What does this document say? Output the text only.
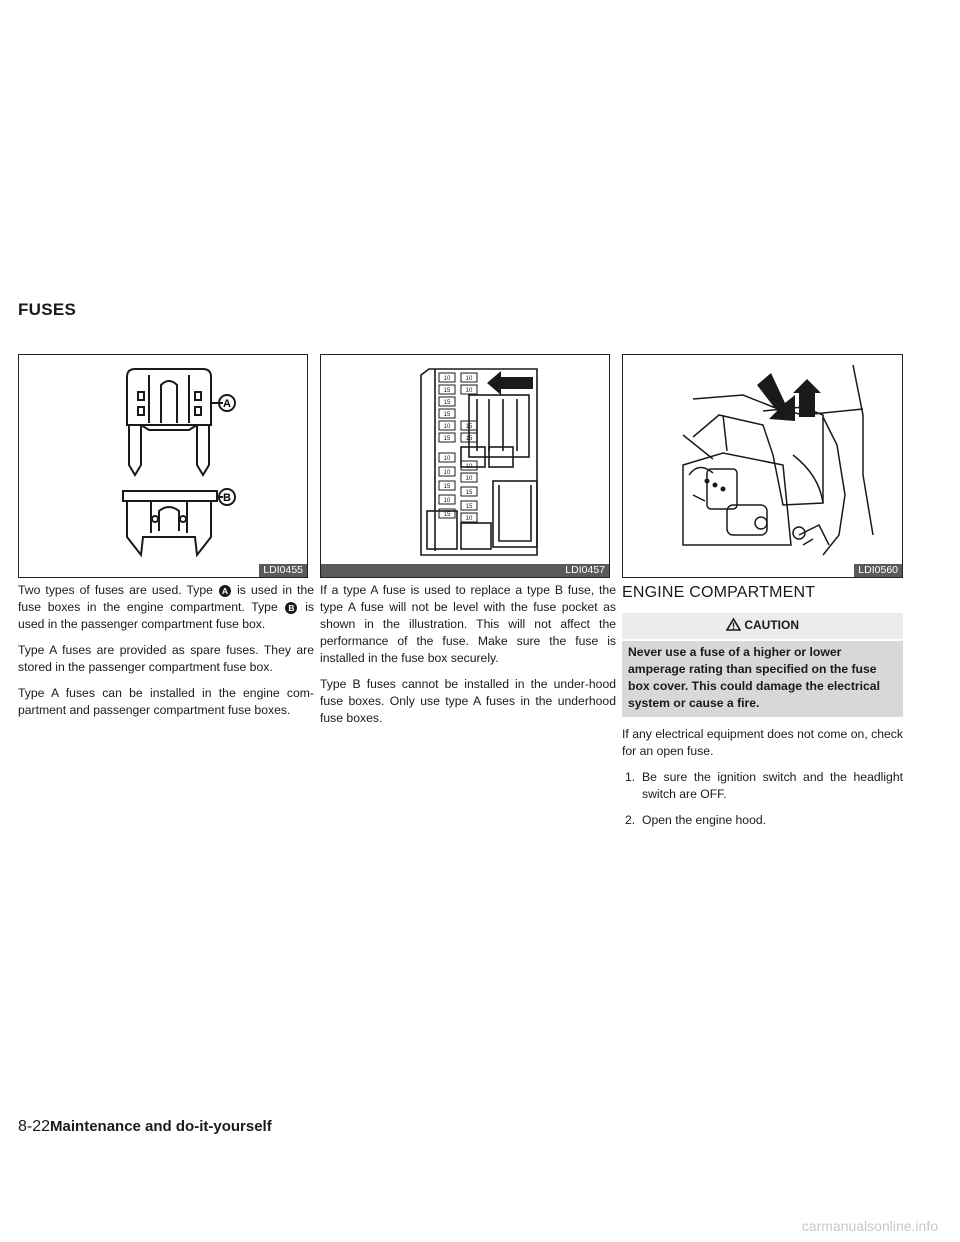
FUSES
A
B
LDI0455
10
15
15
15
10
15
10
10
15
10
10
10
15
10
15
15
10
15
10
15
LDI0457	LDI0560

Two types of fuses are used. Type A is used in the fuse boxes in the engine compartment. Type B is used in the passenger compartment fuse box.

Type A fuses are provided as spare fuses. They are stored in the passenger compartment fuse box.

Type A fuses can be installed in the engine com-partment and passenger compartment fuse boxes.

If a type A fuse is used to replace a type B fuse, the type A fuse will not be level with the fuse pocket as shown in the illustration. This will not affect the performance of the fuse. Make sure the fuse is installed in the fuse box securely.

Type B fuses cannot be installed in the under-hood fuse boxes. Only use type A fuses in the underhood fuse boxes.

ENGINE COMPARTMENT
CAUTION
Never use a fuse of a higher or lower amperage rating than specified on the fuse box cover. This could damage the electrical system or cause a fire.

If any electrical equipment does not come on, check for an open fuse.

1. Be sure the ignition switch and the headlight switch are OFF.

2. Open the engine hood.

8-22Maintenance and do-it-yourself
carmanualsonline.info
